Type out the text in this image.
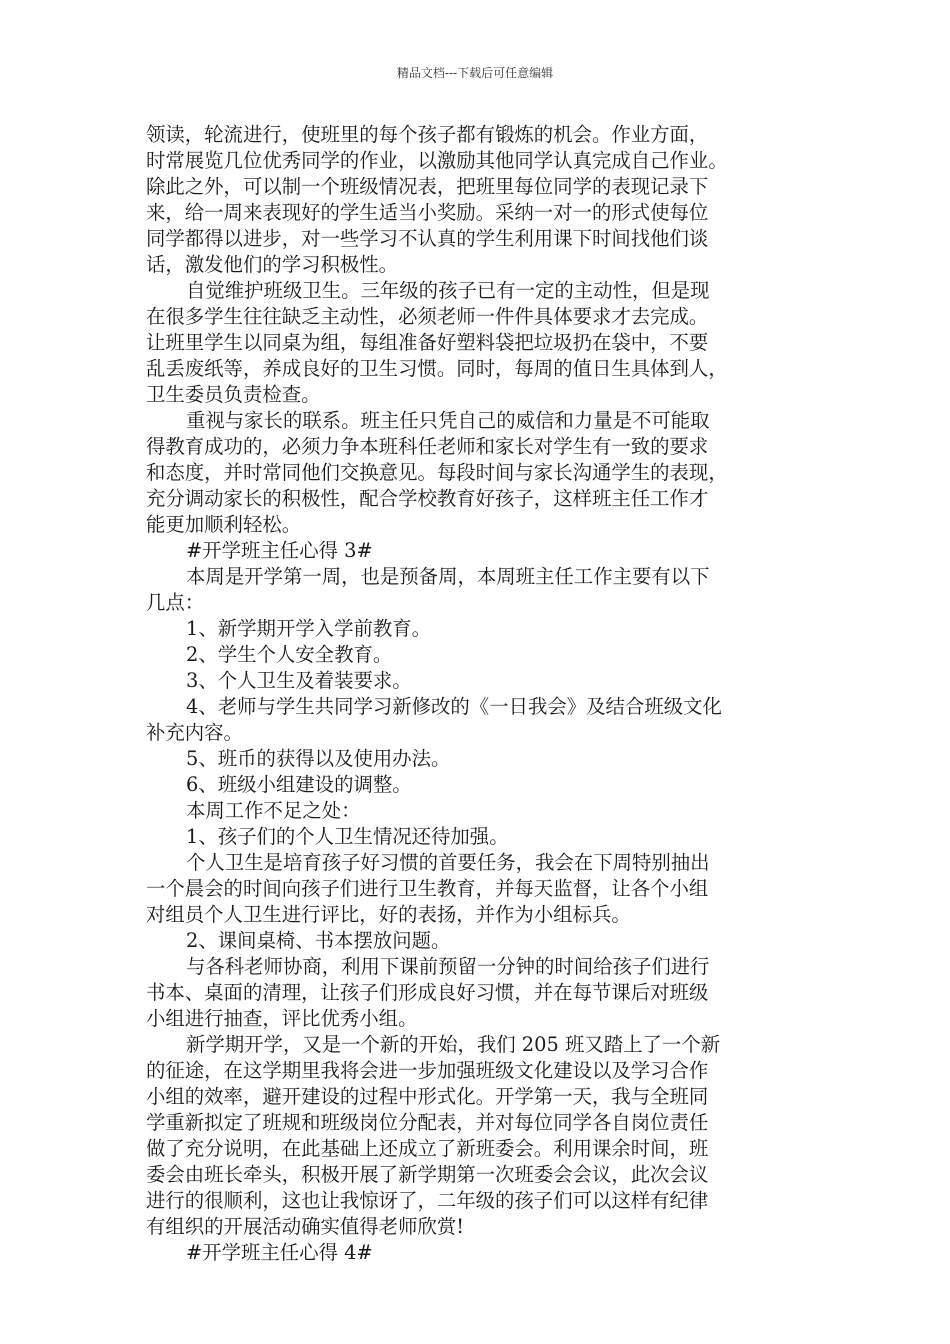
精品文档---下载后可任意编辑
领读，轮流进行，使班里的每个孩子都有锻炼的机会。作业方面，
时常展览几位优秀同学的作业，以激励其他同学认真完成自己作业。
除此之外，可以制一个班级情况表，把班里每位同学的表现记录下
来，给一周来表现好的学生适当小奖励。采纳一对一的形式使每位
同学都得以进步，对一些学习不认真的学生利用课下时间找他们谈
话，激发他们的学习积极性。
自觉维护班级卫生。三年级的孩子已有一定的主动性，但是现
在很多学生往往缺乏主动性，必须老师一件件具体要求才去完成。
让班里学生以同桌为组，每组准备好塑料袋把垃圾扔在袋中，不要
乱丢废纸等，养成良好的卫生习惯。同时，每周的值日生具体到人，
卫生委员负责检查。
重视与家长的联系。班主任只凭自己的威信和力量是不可能取
得教育成功的，必须力争本班科任老师和家长对学生有一致的要求
和态度，并时常同他们交换意见。每段时间与家长沟通学生的表现，
充分调动家长的积极性，配合学校教育好孩子，这样班主任工作才
能更加顺利轻松。
#开学班主任心得 3#
本周是开学第一周，也是预备周，本周班主任工作主要有以下
几点：
1、新学期开学入学前教育。
2、学生个人安全教育。
3、个人卫生及着装要求。
4、老师与学生共同学习新修改的《一日我会》及结合班级文化
补充内容。
5、班币的获得以及使用办法。
6、班级小组建设的调整。
本周工作不足之处：
1、孩子们的个人卫生情况还待加强。
个人卫生是培育孩子好习惯的首要任务，我会在下周特别抽出
一个晨会的时间向孩子们进行卫生教育，并每天监督，让各个小组
对组员个人卫生进行评比，好的表扬，并作为小组标兵。
2、课间桌椅、书本摆放问题。
与各科老师协商，利用下课前预留一分钟的时间给孩子们进行
书本、桌面的清理，让孩子们形成良好习惯，并在每节课后对班级
小组进行抽查，评比优秀小组。
新学期开学，又是一个新的开始，我们 205 班又踏上了一个新
的征途，在这学期里我将会进一步加强班级文化建设以及学习合作
小组的效率，避开建设的过程中形式化。开学第一天，我与全班同
学重新拟定了班规和班级岗位分配表，并对每位同学各自岗位责任
做了充分说明，在此基础上还成立了新班委会。利用课余时间，班
委会由班长牵头，积极开展了新学期第一次班委会会议，此次会议
进行的很顺利，这也让我惊讶了，二年级的孩子们可以这样有纪律
有组织的开展活动确实值得老师欣赏!
#开学班主任心得 4#
